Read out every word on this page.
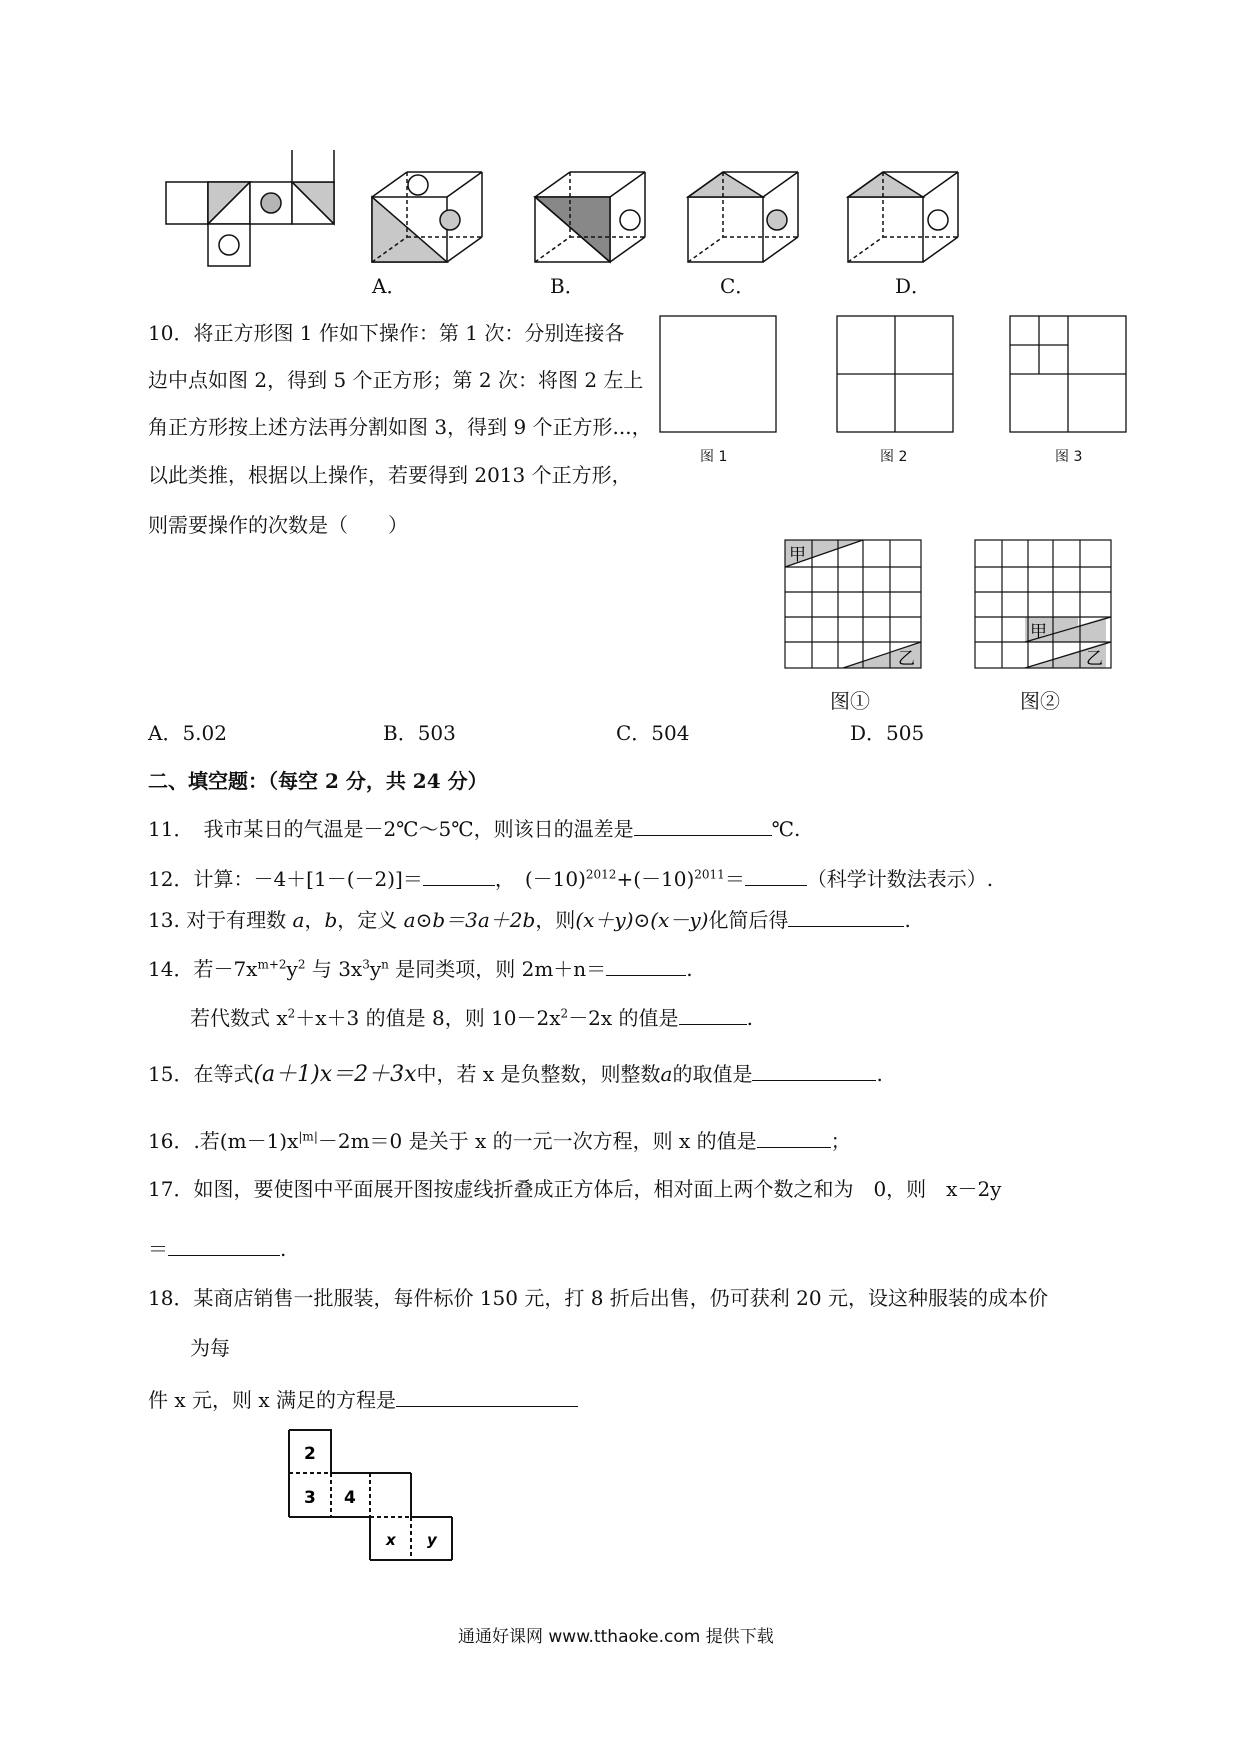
A．	B．	C．	D．
10．将正方形图 1 作如下操作：第 1 次：分别连接各
边中点如图 2，得到 5 个正方形；第 2 次：将图 2 左上
角正方形按上述方法再分割如图 3，得到 9 个正方形...，
以此类推，根据以上操作，若要得到 2013 个正方形，
则需要操作的次数是（　　）
图 1	图 2	图 3
甲
乙
甲
乙
图①	图②
A．5.02	B．503	C．504	D．505
二、填空题：（每空 2 分，共 24 分）
11．　我市某日的气温是－2℃～5℃，则该日的温差是	℃.
12．计算：－4＋[1－(－2)]＝	，　$(-10)^{2012}+(-10)^{2011}=$	（科学计数法表示）.
13. 对于有理数 a，b，定义 a⊙b＝3a＋2b，则(x＋y)⊙(x－y)化简后得	.
14．若$-7x^{m+2}y^2$ 与 $3x^3y^n$ 是同类项，则 2m＋n＝	.
若代数式 $x^2+x+3$ 的值是 8，则 $10-2x^2-2x$ 的值是	.
15．在等式(a＋1)x＝2＋3x中，若 x 是负整数，则整数a的取值是	.
16．.若$(m-1)x^{|m|}-2m=0$ 是关于 x 的一元一次方程，则 x 的值是	；
17．如图，要使图中平面展开图按虚线折叠成正方体后，相对面上两个数之和为　0，则　x－2y
＝	.
18．某商店销售一批服装，每件标价 150 元，打 8 折后出售，仍可获利 20 元，设这种服装的成本价
为每
件 x 元，则 x 满足的方程是
2
3 4
x y
通通好课网 www.tthaoke.com 提供下载
